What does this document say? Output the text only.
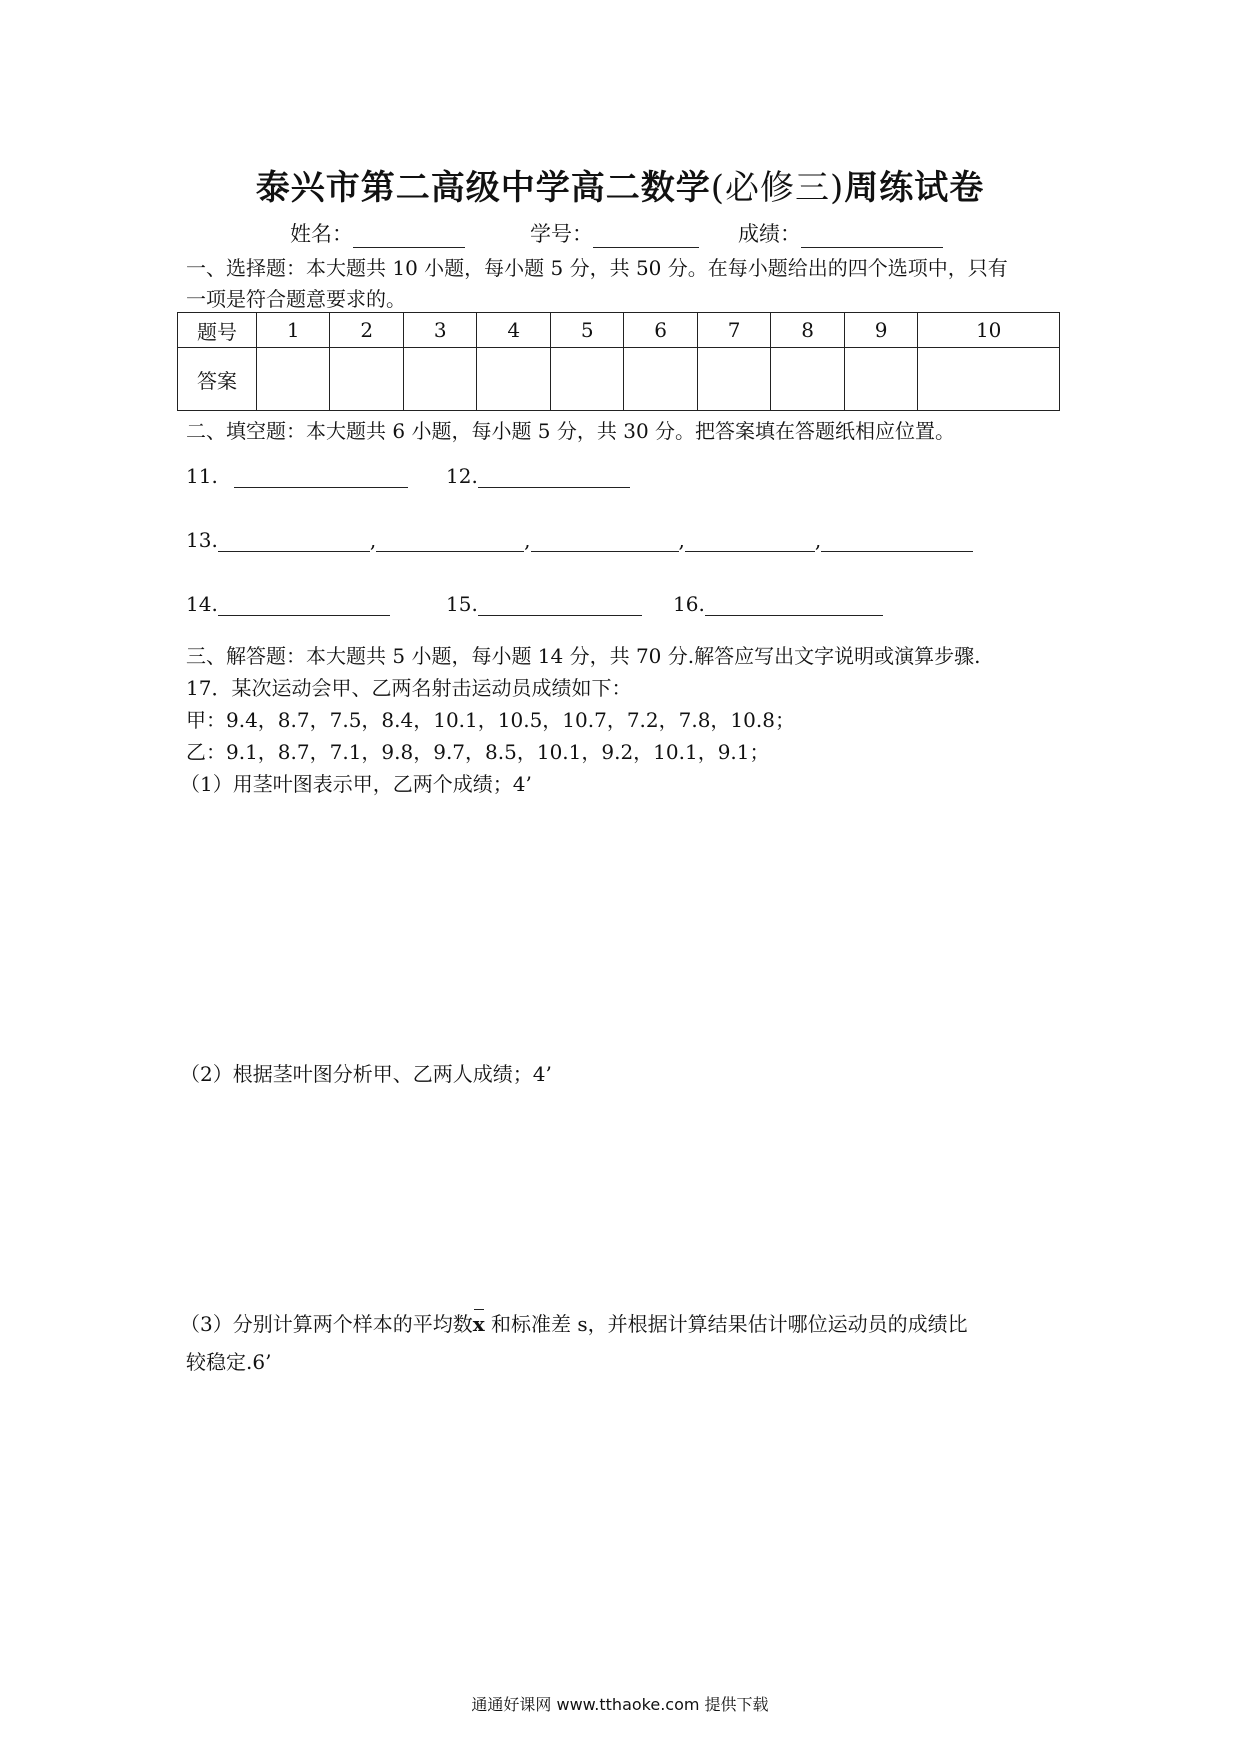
泰兴市第二高级中学高二数学(必修三)周练试卷
姓名：	学号：	成绩：
一、选择题：本大题共 10 小题，每小题 5 分，共 50 分。在每小题给出的四个选项中，只有
一项是符合题意要求的。
题号	1	2	3	4	5	6	7	8	9	10
答案										
二、填空题：本大题共 6 小题，每小题 5 分，共 30 分。把答案填在答题纸相应位置。
11.	12.
13.	,	,	,	,
14.	15.	16.
三、解答题：本大题共 5 小题，每小题 14 分，共 70 分.解答应写出文字说明或演算步骤.
17．某次运动会甲、乙两名射击运动员成绩如下：
甲：9.4，8.7，7.5，8.4，10.1，10.5，10.7，7.2，7.8，10.8；
乙：9.1，8.7，7.1，9.8，9.7，8.5，10.1，9.2，10.1，9.1；
（1）用茎叶图表示甲，乙两个成绩；4’
（2）根据茎叶图分析甲、乙两人成绩；4’
（3）分别计算两个样本的平均数x 和标准差 s，并根据计算结果估计哪位运动员的成绩比
较稳定.6’
通通好课网 www.tthaoke.com 提供下载
